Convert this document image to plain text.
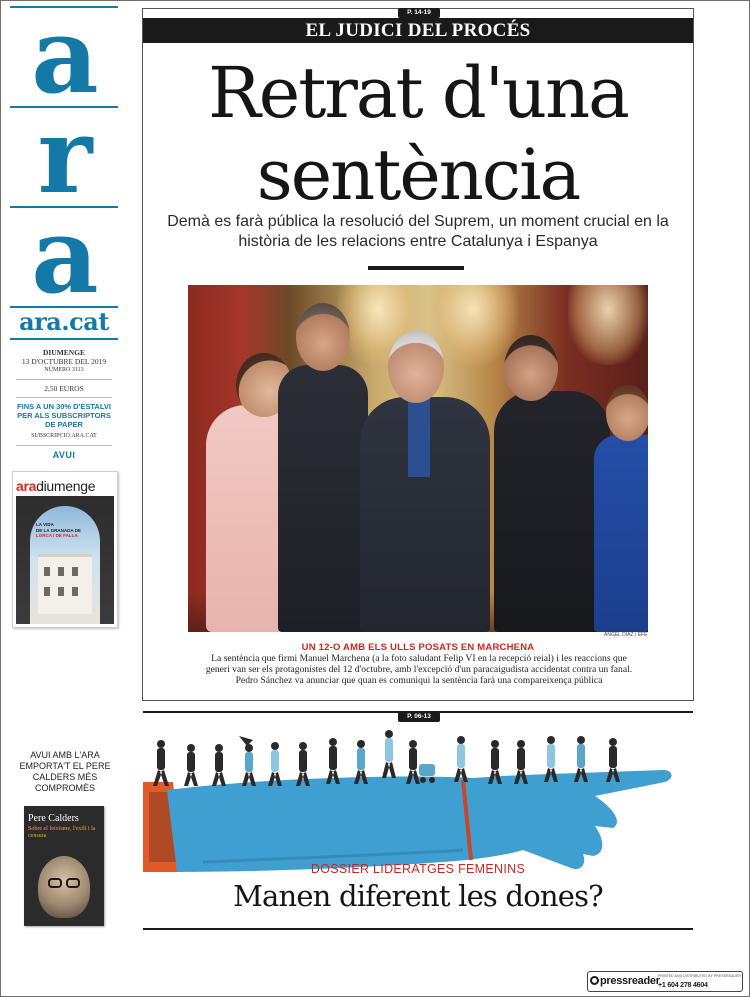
a
r
a
ara.cat
DIUMENGE
13 D'OCTUBRE DEL 2019
NÚMERO 3113
2,50 EUROS
FINS A UN 30% D'ESTALVI PER ALS SUBSCRIPTORS DE PAPER
SUBSCRIPCIÓ.ARA.CAT
AVUI
aradiumenge
LA VIDA
DE LA GRANADA DE
LORCA I DE FALLA
AVUI AMB L'ARA EMPORTA'T EL PERE CALDERS MÉS COMPROMÈS
Pere Calders
Sobre el feixisme, l'exili i la censura
P. 14-19
EL JUDICI DEL PROCÉS
Retrat d'una
sentència
Demà es farà pública la resolució del Suprem, un moment crucial en la història de les relacions entre Catalunya i Espanya
ÀNGEL DIAZ / EFE
UN 12-O AMB ELS ULLS POSATS EN MARCHENA
La sentència que firmi Manuel Marchena (a la foto saludant Felip VI en la recepció reial) i les reaccions que generi van ser els protagonistes del 12 d'octubre, amb l'excepció d'un paracaigudista accidentat contra un fanal. Pedro Sánchez va anunciar que quan es comuniqui la sentència farà una compareixença pública
P. 06-13
DOSSIER LIDERATGES FEMENINS
Manen diferent les dones?
pressreader
PRINTED AND DISTRIBUTED BY PRESSREADER
+1 604 278 4604
